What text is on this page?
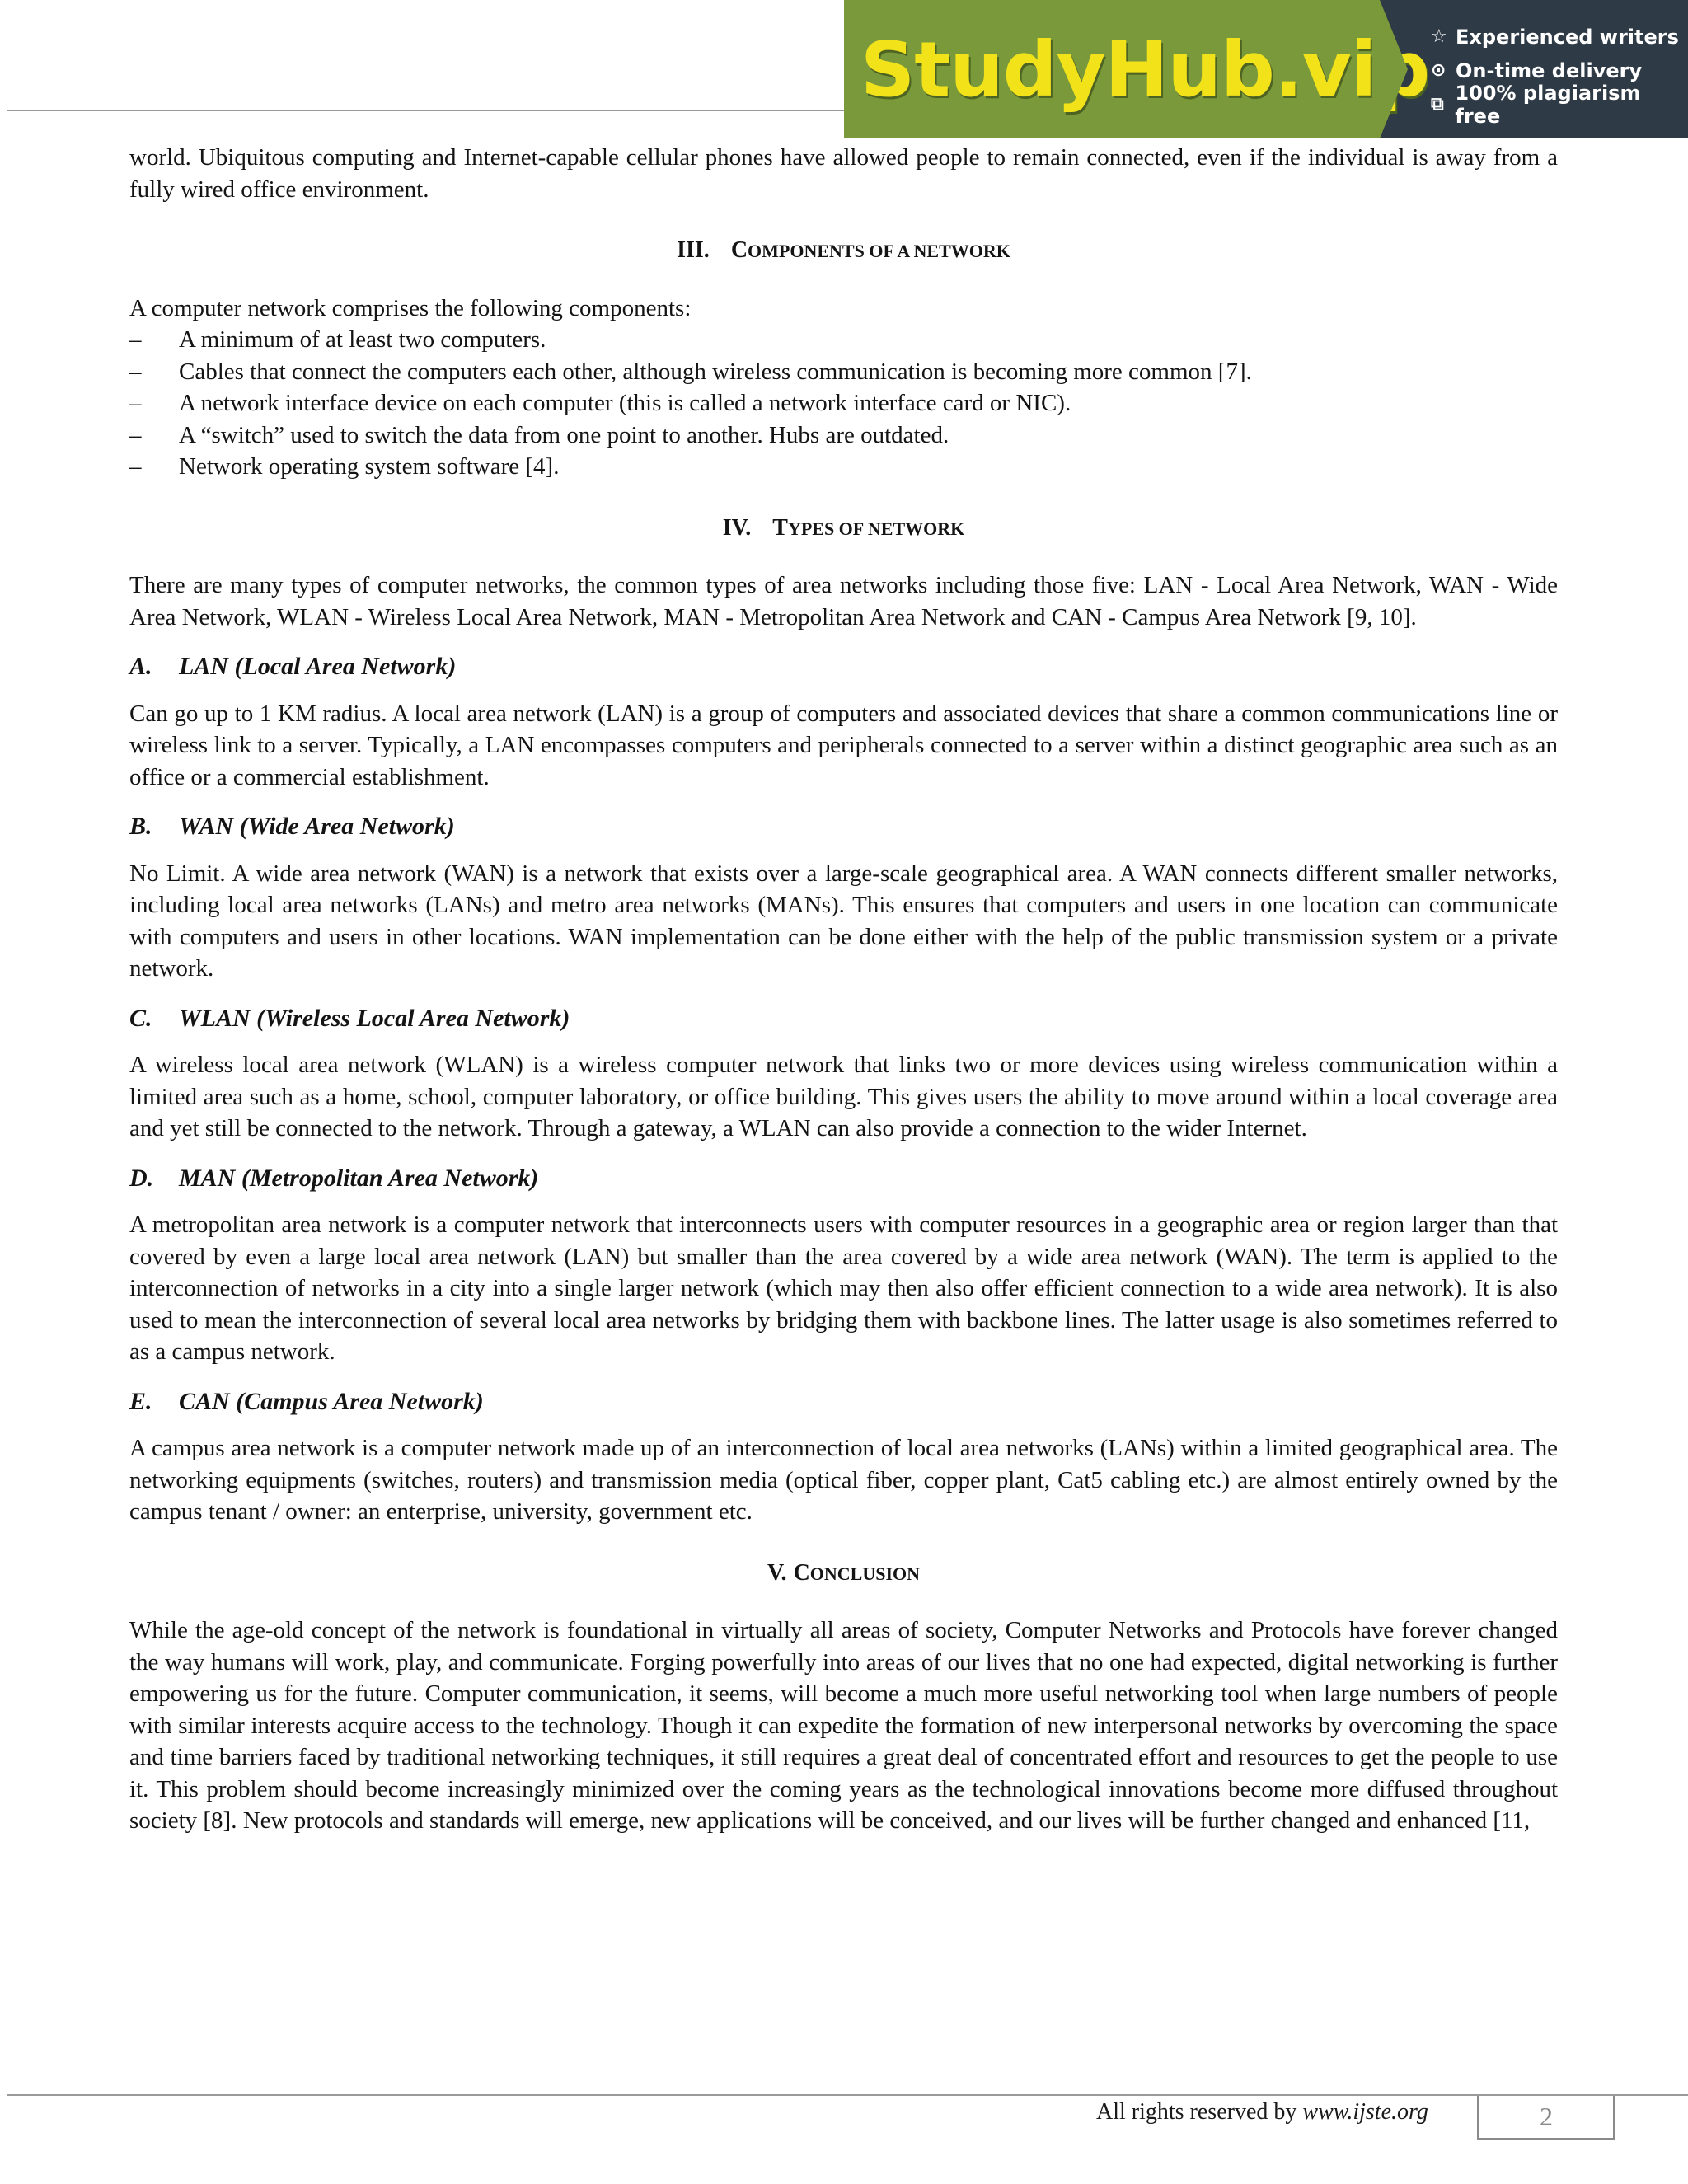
StudyHub.vip ☆ Experienced writers
⊙ On-time delivery
⧉ 100% plagiarism free

world. Ubiquitous computing and Internet-capable cellular phones have allowed people to remain connected, even if the individual is away from a fully wired office environment.

III. COMPONENTS OF A NETWORK

A computer network comprises the following components:

– A minimum of at least two computers.
– Cables that connect the computers each other, although wireless communication is becoming more common [7].
– A network interface device on each computer (this is called a network interface card or NIC).
– A “switch” used to switch the data from one point to another. Hubs are outdated.
– Network operating system software [4].
IV. TYPES OF NETWORK

There are many types of computer networks, the common types of area networks including those five: LAN - Local Area Network, WAN - Wide Area Network, WLAN - Wireless Local Area Network, MAN - Metropolitan Area Network and CAN - Campus Area Network [9, 10].

A.	LAN (Local Area Network)

Can go up to 1 KM radius. A local area network (LAN) is a group of computers and associated devices that share a common communications line or wireless link to a server. Typically, a LAN encompasses computers and peripherals connected to a server within a distinct geographic area such as an office or a commercial establishment.

B.	WAN (Wide Area Network)

No Limit. A wide area network (WAN) is a network that exists over a large-scale geographical area. A WAN connects different smaller networks, including local area networks (LANs) and metro area networks (MANs). This ensures that computers and users in one location can communicate with computers and users in other locations. WAN implementation can be done either with the help of the public transmission system or a private network.

C.	WLAN (Wireless Local Area Network)

A wireless local area network (WLAN) is a wireless computer network that links two or more devices using wireless communication within a limited area such as a home, school, computer laboratory, or office building. This gives users the ability to move around within a local coverage area and yet still be connected to the network. Through a gateway, a WLAN can also provide a connection to the wider Internet.

D.	MAN (Metropolitan Area Network)

A metropolitan area network is a computer network that interconnects users with computer resources in a geographic area or region larger than that covered by even a large local area network (LAN) but smaller than the area covered by a wide area network (WAN). The term is applied to the interconnection of networks in a city into a single larger network (which may then also offer efficient connection to a wide area network). It is also used to mean the interconnection of several local area networks by bridging them with backbone lines. The latter usage is also sometimes referred to as a campus network.

E.	CAN (Campus Area Network)

A campus area network is a computer network made up of an interconnection of local area networks (LANs) within a limited geographical area. The networking equipments (switches, routers) and transmission media (optical fiber, copper plant, Cat5 cabling etc.) are almost entirely owned by the campus tenant / owner: an enterprise, university, government etc.

V. CONCLUSION

While the age-old concept of the network is foundational in virtually all areas of society, Computer Networks and Protocols have forever changed the way humans will work, play, and communicate. Forging powerfully into areas of our lives that no one had expected, digital networking is further empowering us for the future. Computer communication, it seems, will become a much more useful networking tool when large numbers of people with similar interests acquire access to the technology. Though it can expedite the formation of new interpersonal networks by overcoming the space and time barriers faced by traditional networking techniques, it still requires a great deal of concentrated effort and resources to get the people to use it. This problem should become increasingly minimized over the coming years as the technological innovations become more diffused throughout society [8]. New protocols and standards will emerge, new applications will be conceived, and our lives will be further changed and enhanced [11,

All rights reserved by www.ijste.org	2
